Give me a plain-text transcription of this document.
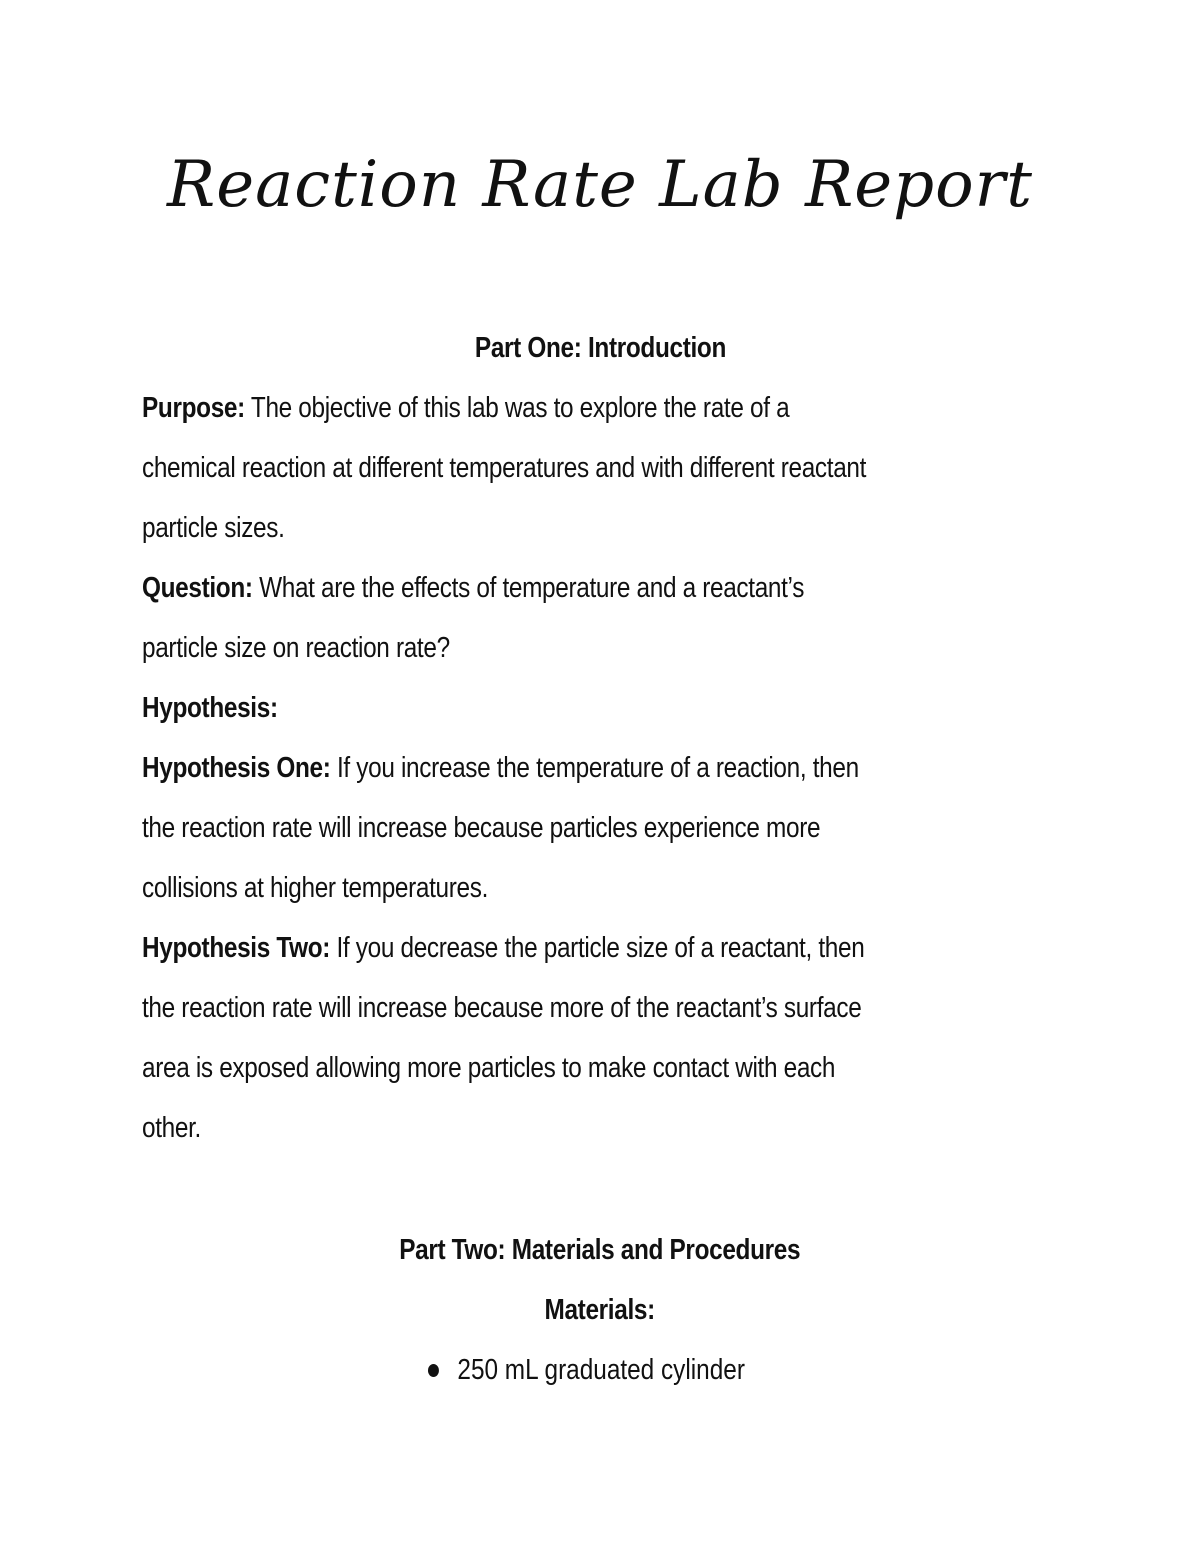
Reaction Rate Lab Report
Part One: Introduction
Purpose: The objective of this lab was to explore the rate of a
chemical reaction at different temperatures and with different reactant
particle sizes.
Question: What are the effects of temperature and a reactant’s
particle size on reaction rate?
Hypothesis:
Hypothesis One: If you increase the temperature of a reaction, then
the reaction rate will increase because particles experience more
collisions at higher temperatures.
Hypothesis Two: If you decrease the particle size of a reactant, then
the reaction rate will increase because more of the reactant’s surface
area is exposed allowing more particles to make contact with each
other.
Part Two: Materials and Procedures
Materials:
250 mL graduated cylinder
